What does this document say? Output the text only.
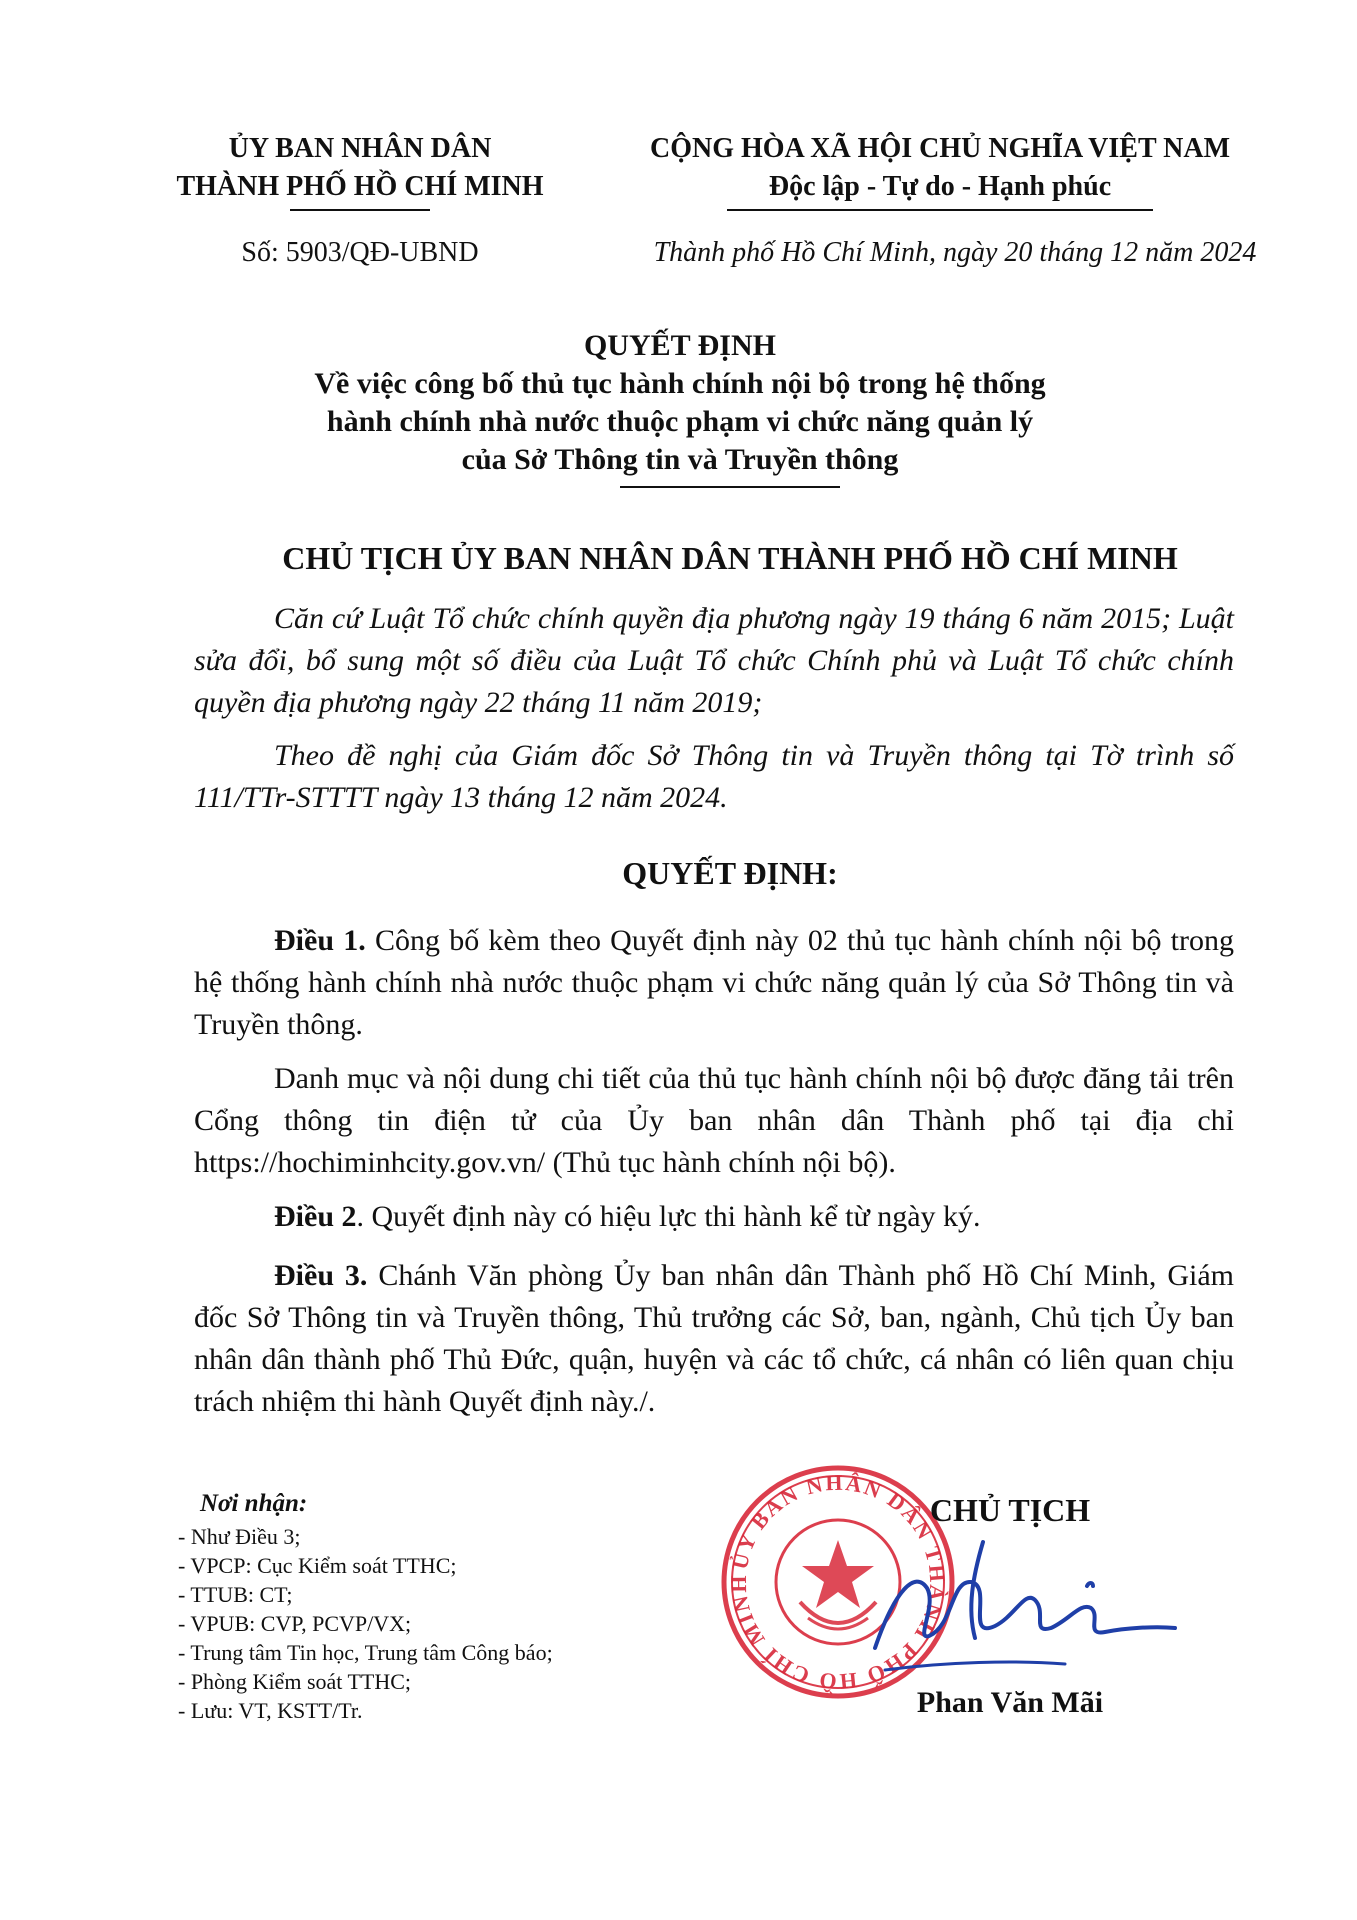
ỦY BAN NHÂN DÂN
THÀNH PHỐ HỒ CHÍ MINH
CỘNG HÒA XÃ HỘI CHỦ NGHĨA VIỆT NAM
Độc lập - Tự do - Hạnh phúc
Số: 5903/QĐ-UBND	Thành phố Hồ Chí Minh, ngày 20 tháng 12 năm 2024
QUYẾT ĐỊNH
Về việc công bố thủ tục hành chính nội bộ trong hệ thống
hành chính nhà nước thuộc phạm vi chức năng quản lý
của Sở Thông tin và Truyền thông
CHỦ TỊCH ỦY BAN NHÂN DÂN THÀNH PHỐ HỒ CHÍ MINH
Căn cứ Luật Tổ chức chính quyền địa phương ngày 19 tháng 6 năm 2015; Luật sửa đổi, bổ sung một số điều của Luật Tổ chức Chính phủ và Luật Tổ chức chính quyền địa phương ngày 22 tháng 11 năm 2019;
Theo đề nghị của Giám đốc Sở Thông tin và Truyền thông tại Tờ trình số 111/TTr-STTTT ngày 13 tháng 12 năm 2024.
QUYẾT ĐỊNH:
Điều 1. Công bố kèm theo Quyết định này 02 thủ tục hành chính nội bộ trong hệ thống hành chính nhà nước thuộc phạm vi chức năng quản lý của Sở Thông tin và Truyền thông.
Danh mục và nội dung chi tiết của thủ tục hành chính nội bộ được đăng tải trên Cổng thông tin điện tử của Ủy ban nhân dân Thành phố tại địa chỉ https://hochiminhcity.gov.vn/ (Thủ tục hành chính nội bộ).
Điều 2. Quyết định này có hiệu lực thi hành kể từ ngày ký.
Điều 3. Chánh Văn phòng Ủy ban nhân dân Thành phố Hồ Chí Minh, Giám đốc Sở Thông tin và Truyền thông, Thủ trưởng các Sở, ban, ngành, Chủ tịch Ủy ban nhân dân thành phố Thủ Đức, quận, huyện và các tổ chức, cá nhân có liên quan chịu trách nhiệm thi hành Quyết định này./.
Nơi nhận:
- Như Điều 3;
- VPCP: Cục Kiểm soát TTHC;
- TTUB: CT;
- VPUB: CVP, PCVP/VX;
- Trung tâm Tin học, Trung tâm Công báo;
- Phòng Kiểm soát TTHC;
- Lưu: VT, KSTT/Tr.
ỦY BAN NHÂN DÂN THÀNH PHỐ HỒ CHÍ MINH
CHỦ TỊCH
Phan Văn Mãi
